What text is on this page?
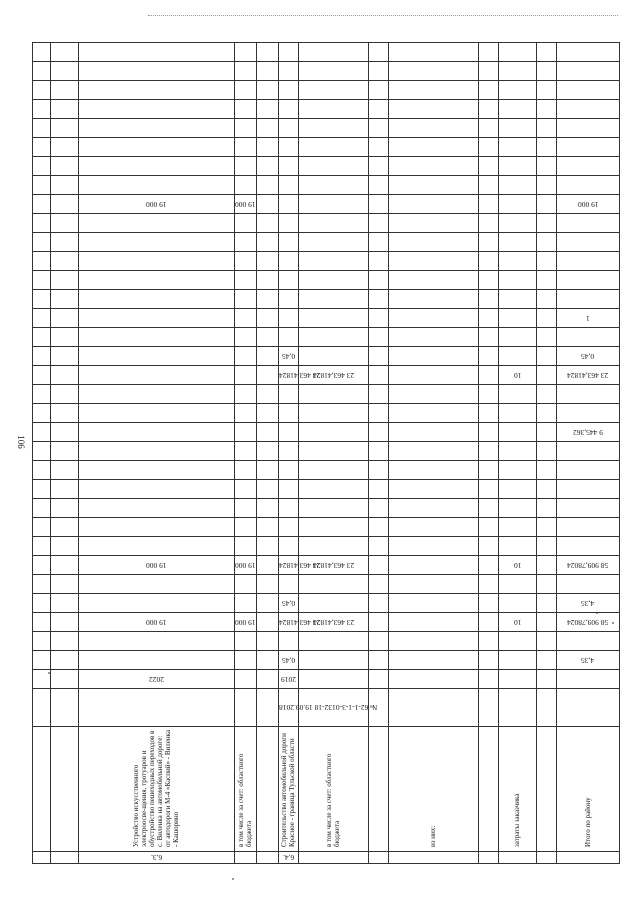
106

		19 000	19 000									19 000

												1

					0,45							0,45
					23 463,41824	23 463,41824				10		23 463,41824

												9 445,362

		19 000	19 000		23 463,41824	23 463,41824				10		58 909,78024

					0,45							4,35
		19 000	19 000		23 463,41824	23 463,41824				10		58 909,78024

					0,45							4,35
		2022			2019							
					№ 62-1-1-3-0132-18 19.09.2018							
		Устройство искусственного электроосве-щения, тротуаров и обустройство пешеходных переходов в с. Виленка на автомобильной дороге: от автодороги М-4 «Каспий» - Виленка - Кашорино	в том числе за счет: областного бюджета		Строительство автомобильной дороги Красное - граница Тульской области	в том числе за счет: областного бюджета		из них:		затраты заказчика		Итого по району
		6.3.			6.4.							
